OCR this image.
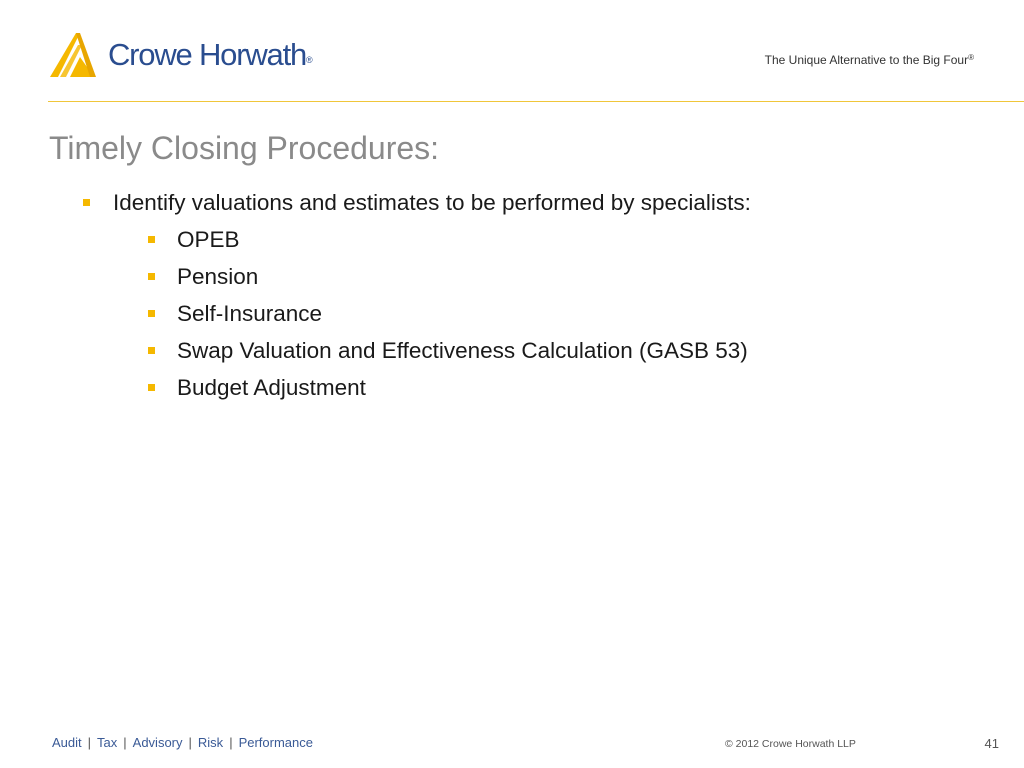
Crowe Horwath®	The Unique Alternative to the Big Four®
Timely Closing Procedures:
Identify valuations and estimates to be performed by specialists:
OPEB
Pension
Self-Insurance
Swap Valuation and Effectiveness Calculation (GASB 53)
Budget Adjustment
Audit | Tax | Advisory | Risk | Performance	© 2012 Crowe Horwath LLP	41
